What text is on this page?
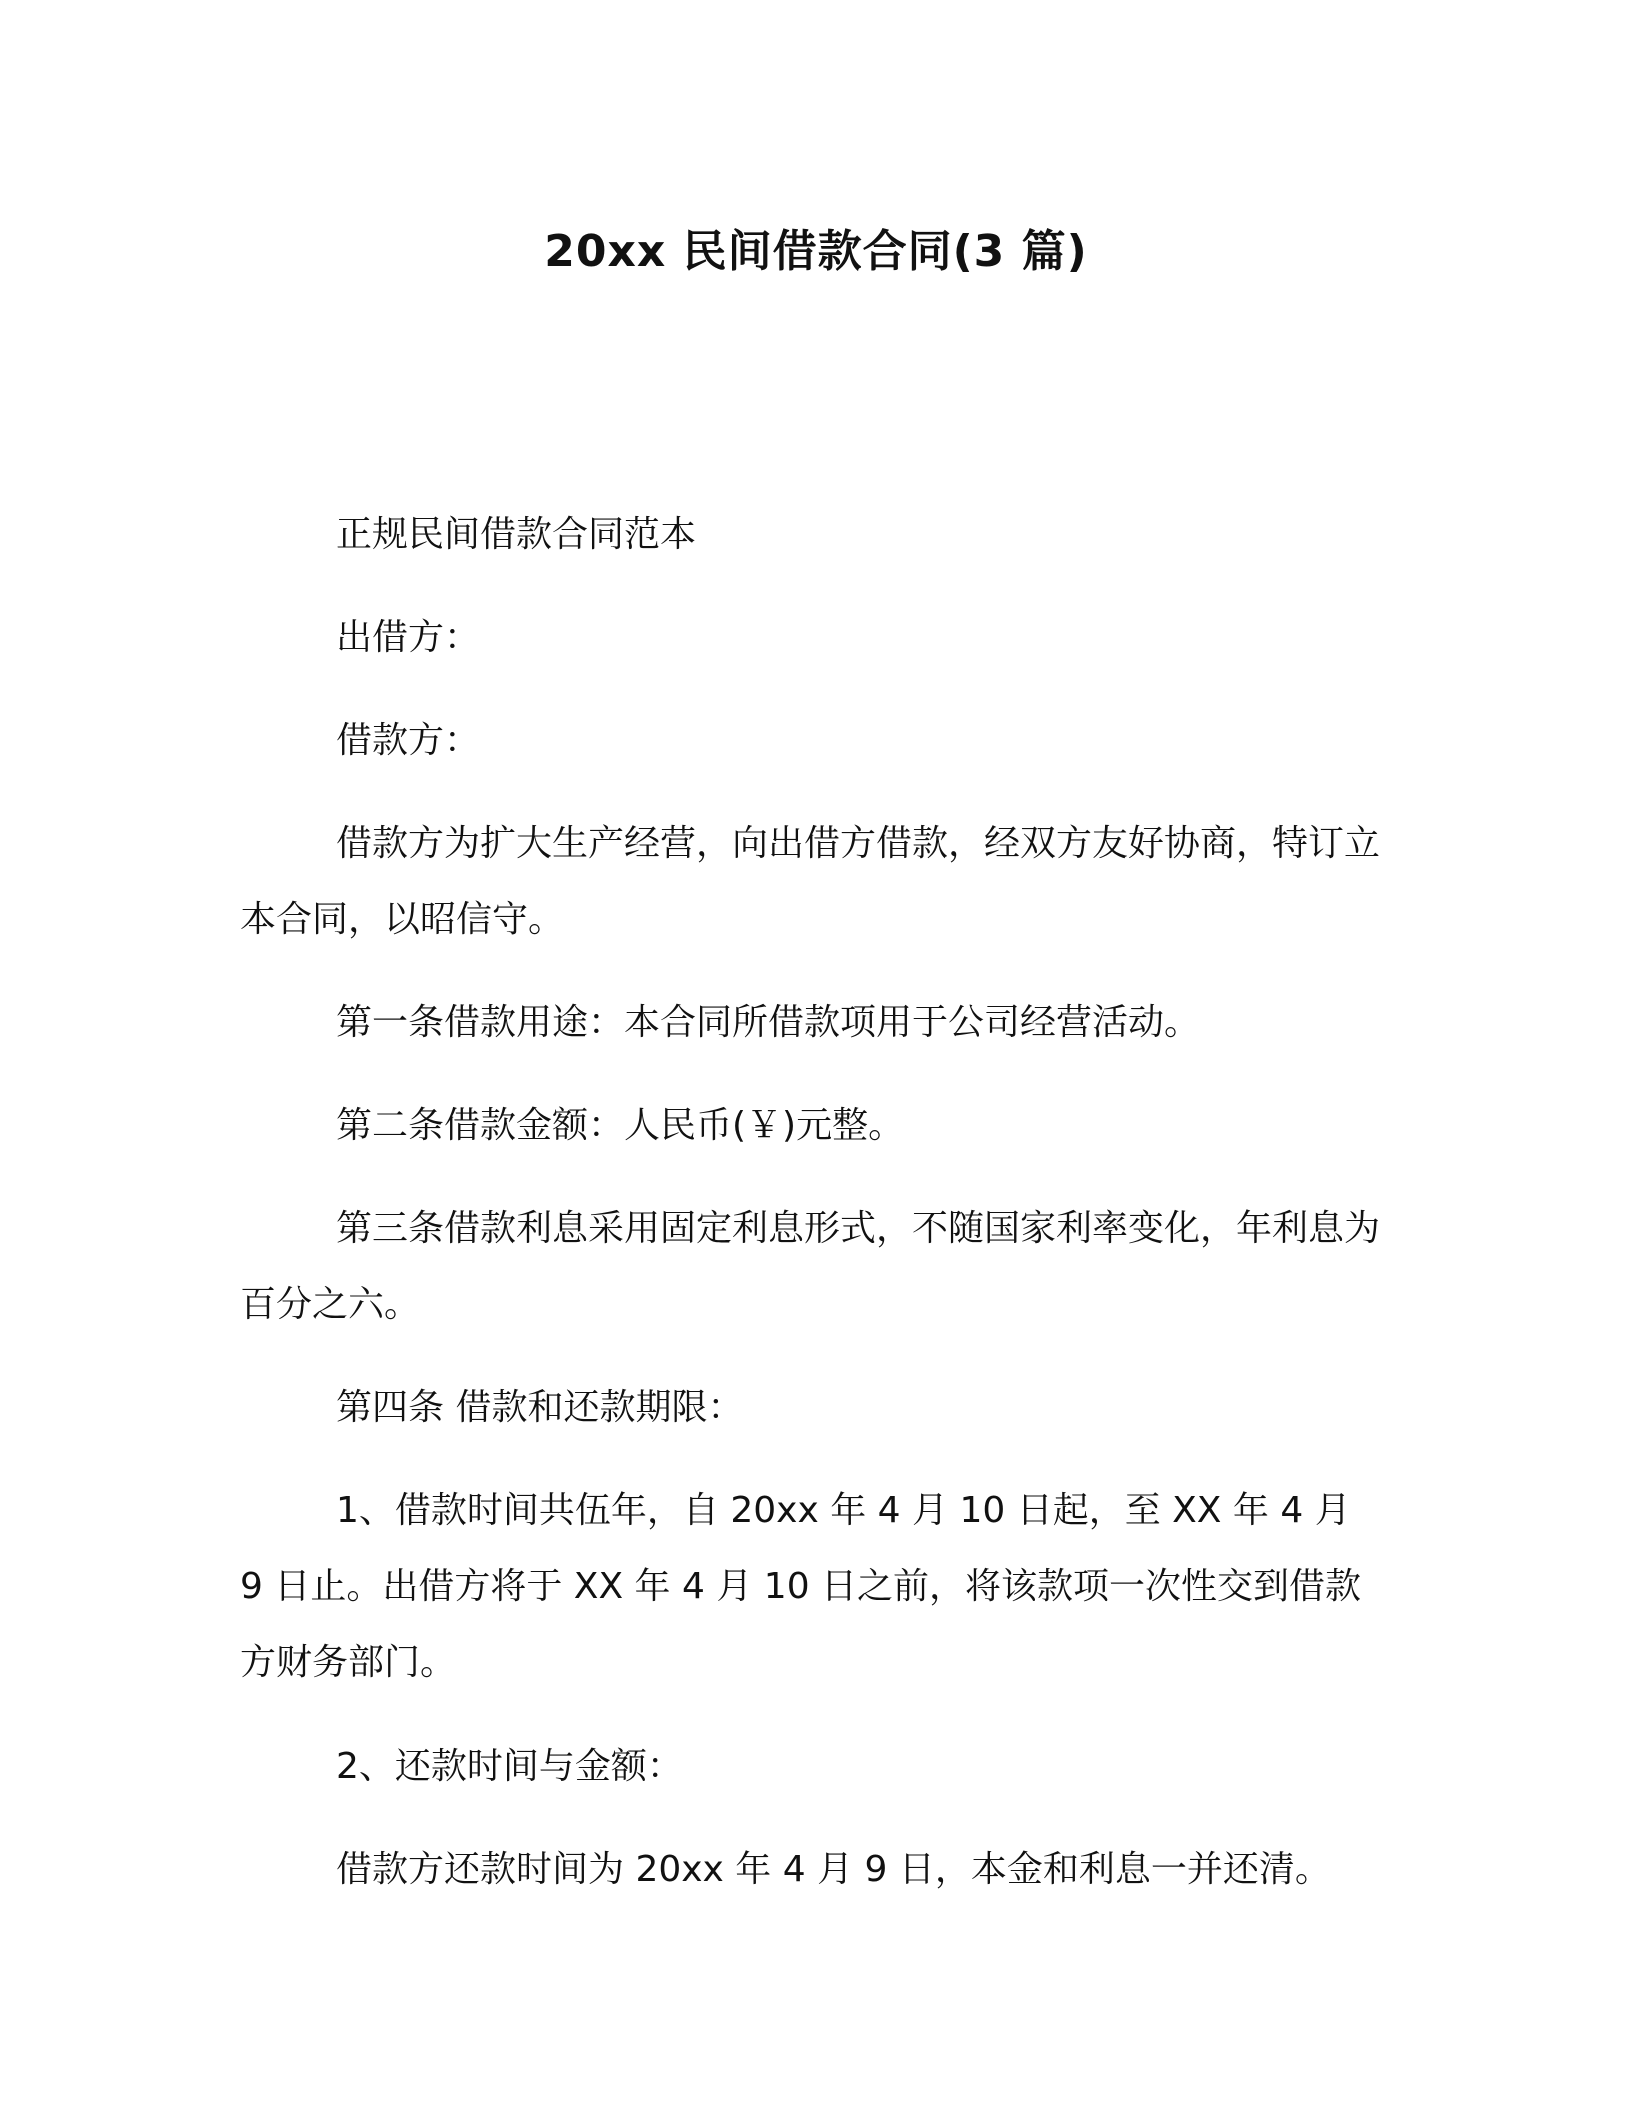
20xx 民间借款合同(3 篇)

正规民间借款合同范本

出借方：

借款方：

借款方为扩大生产经营，向出借方借款，经双方友好协商，特订立本合同，以昭信守。

第一条借款用途：本合同所借款项用于公司经营活动。

第二条借款金额：人民币(￥)元整。

第三条借款利息采用固定利息形式，不随国家利率变化，年利息为百分之六。

第四条 借款和还款期限：

1、借款时间共伍年，自 20xx 年 4 月 10 日起，至 XX 年 4 月 9 日止。出借方将于 XX 年 4 月 10 日之前，将该款项一次性交到借款方财务部门。

2、还款时间与金额：

借款方还款时间为 20xx 年 4 月 9 日，本金和利息一并还清。
